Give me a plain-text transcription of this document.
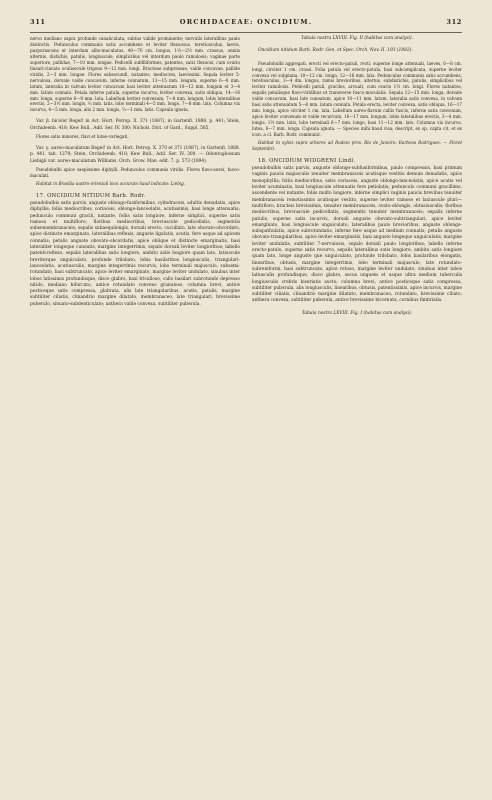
311	ORCHIDACEAE: ONCIDIUM.	312

nervo mediano supra profunde canaliculata, subtus valide prominente; nervulis lateralibus paulo distinctis. Pedunculus communis satis accumbens et leviter flexuosus, teretiusculus, laevis, purpurascens et interdum albo-maculatus, 40—70 cm. longus, 1½—2½ mm. crassus, omnis alternis, distichis, patulis, longiuscule, simplicibus vel interdum paulo ramulosis; vaginae parte superiore, pallidae, 7—10 mm. longae. Pedicelli subfiliformes, patentes, satis flexuosi, cum ovario lineari-clavato oculisecule trigono 9—12 mm. longi. Bracteae subpressae, valde concavae, pallide viridis, 2—3 mm. longae. Flores subsecundi, nutantes, mediocres, laevissimi. Sepala leviter 5-nervulosa, dorsale valde concavum, inferne connatum, 13—15 mm. longum, superne 6—8 mm. latum, lateralia in valvum leviter concavum basi leviter attenuatum 10—12 mm. longum et 3—4 mm. latum connata. Petala inferne patula, superne incurva, leviter convexa, satis obliqua, 14—16 mm. longa, superne 6—9 mm. lata. Labellum leviter convexum, 7—8 mm. longum, lobis lateralibus erectis, 2—3½ mm. longis, ⅔ mm. latis, lobo terminali 4—5 mm. longo, 7—8 mm. lato. Columna vix incurva, 4—5 mm. longa, alis 2 mm. longis, ⅔—1 mm. latis. Capsula ignota.

Var. β. bicolor Regel! in Act. Hort. Petrop. X. 371 (1887), in Gartenfl. 1888. p. 441; Stein, Orchideenb. 418; Kew Bull., Add. Ser. IV. 300; Nichols. Dict. of Gard., Suppl. 565.

Flores satis minores, flavi et luteo-variegati.

Var. γ. aureo-maculatum Regel! in Act. Hort. Petrop. X. 370 et 371 (1887), in Gartenfl. 1888. p. 441. tab. 1279; Stein, Orchideenb. 418; Kew Bull., Add. Ser. IV. 300. — Odontoglossum Liebigii var. aureo-maculatum Williams, Orch. Grow. Man. edit. 7. p. 573 (1894).

Pseudobulbi apice saepissime diphylli. Pedunculus communis viridis. Flores flavo-aurei, fusco-maculati.

Habitat in Brasilia austro-orientali loco accurato haud indicato: Liebig.

17. ONCIDIUM NITIDUM Barb. Rodr.

pseudobulbis satis parvis, anguste oblongo-fusiformibus, cylindraceis, adultis denudatis, apice diphyllis; foliis mediocribus, coriaceis, oblongo-lanceolatis, acutissimis, basi longe attenuatis; pedunculo communi gracili, nutante, foliis satis longiore, inferne simplici, superne satis ramoso et multifloro; floribus mediocribus, breviuscule pedicellatis, segmentis subsemembranaceis; sepalis subaequilongis, dorsali erecto, cucullato, late obovato-obcordato, apice distincte emarginato, lateralibus reflexis, anguste ligulatis, acutis, fere usque ad apicem connatis; petalis anguste obovato-obcordatis, apice oblique et distincte emarginatis, basi lateraliter longeque cuneatis, margine integerrimis, sepalo dorsali leviter longioribus; labello patenti-reflexo, sepalis lateralibus satis longiore, ambitu satis longiore quam lato, latiuscule breviterque unguiculato, profunde trilobato, lobis basilaribus longiusculis, triangulari-lanceolatis, acutiusculis, margine integerrimis recurvis, lobo terminali majusculo, subsemi-rotundato, basi subtruncato, apice leviter emarginato, margine leviter undulato, sinubus inter lobos latissimis profundisque, disco glabro, basi tricalloso, callo basilari subrotundo depresso nitido, mediano bifurcato, antice rotundato convexo granuloso, columna brevi, antice posticeque satis compressa, glabrata, alis late triangularibus, acutis, patulis, margine subtiliter ciliatis, clinandrio margine dilatato, membranaceo, late triangulari, brevissime puberulo, sinuato-subdenticulato; anthera valde convexa, subtiliter puberula.

Tabula nostra LXVIII. Fig. II (habitus cum analysi).

Oncidium nitidum Barb. Rodr. Gen. et Spec. Orch. Nov. II. 193 (1882).

Pseudobulbi aggregati, erecti vel erecto-patuli, recti, superne longe attenuati, laeves, 6—8 cm. longi, circiter 1 cm. crassi. Folia patula vel erecto-patula, basi subcomplicata, superne leviter convexa vel subplana, 10—12 cm. longa, 12—16 mm. lata. Pedunculus communis satis accumbens, teretiusculus, 3—4 dm. longus, ramis brevioribus, alternis, subdistichis, patulis, simplicibus vel leviter ramulosis. Pedicelli patuli, graciles, arcuati, cum ovario 1½ cm. longi. Flores nutantes, sepalis petalisque flavo-viridibus et transverse fusco-maculatis. Sepala 12—15 mm. longa, dorsale valde concavum, basi late cuneatum, apice 10—11 mm. latum, lateralia satis convexa, in valvum basi satis attenuatum 5—6 mm. latum connata. Petala erecta, leviter convexa, satis obliqua, 16—17 mm. longa, apice circiter 1 cm. lata. Labellum aureo-flavum callis fuscis, inferne satis convexum, apice leviter convexum et valde recurvum, 16—17 mm. longum, lobis lateralibus erectis, 3—4 mm. longis, 1½ mm. latis, lobo terminali 6—7 mm. longo, basi 11—12 mm. lato. Columna vix incurva, lutea, 6—7 mm. longa. Capsula ignota. — Species mihi haud visa; descript. ex sp. capta cit. et ex icon. a cl. Barb. Rodr. communic.

Habitat in sylvis supra arbores ad Rodeio prov. Rio de Janeiro: Barbosa Rodrigues. — Floret Septembri.

18. ONCIDIUM WIDGRENI Lindl.

pseudobulbis satis parvis, anguste oblongo-subfusiformibus, paulo compressis, basi primum vaginis paucis majusculis tenuiter membranaceis acutisque vestitis demum denudatis, apice monophyllis; foliis mediocribus, satis coriaceis, anguste oblongo-lanceolatis, apice acutis vel leviter acuminatis, basi longiuscule attenuatis fere petiolatis; pedunculo communi gracillimo, ascendente vel nutante, foliis multo longiore, inferne simplici vaginis paucis brevibus tenuiter membranaceis remotissimis acutisque vestito, superne leviter ramoso et laxiuscule pluri—multifloro; bracteis brevissimis, tenuiter membranaceis, ovato-oblongis, obtusiusculis; floribus mediocribus, breviuscule pedicellatis, segmentis tenuiter membranaceis; sepalis inferne patulis, superne satis incurvis, dorsali anguste obovato-subtriangulari, apice leviter emarginato, basi longiuscule unguiculato, lateralibus paulo brevioribus, anguste oblongo-subspathulatis, apice subrotundatis, inferne fere usque ad medium connatis; petalis anguste obovato-triangularibus, apice leviter emarginatis, basi anguste longeque unguiculatis, margine leviter undulatis, subtiliter 7-nervulosis, sepalo dorsali paulo longioribus; labello inferne erecto-patulo, superne satis recurvo, sepalis lateralibus satis longiore, ambitu satis longiore quam lato, longe anguste que unguiculato, profunde trilobato, lobis basilaribus elongatis, linearibus, obtusis, margine integerrimis, lobo terminali majusculo, late rotundato-subreniformi, basi subtruncato, apice retuso, margine leviter undulato, sinubus inter lobos latiusculis profundisque, disco glabro, secus unguem et usque ultra medium tuberculis longiusculis crebris biseriatis aucto; columna brevi, antice posticeque satis compressa, subtiliter puberula, alis longiusculis, linearibus, obtusis, patentissimis, apice incurvis, margine subtiliter ciliatis, clinandrio margine dilatato, membranaceo, rotundato, brevissime ciliato; anthera convexa, subtiliter puberula, antice brevissime bicornuta, cornibus fimbriatis.

Tabula nostra LXVIII. Fig. I (habitus cum analysi).
